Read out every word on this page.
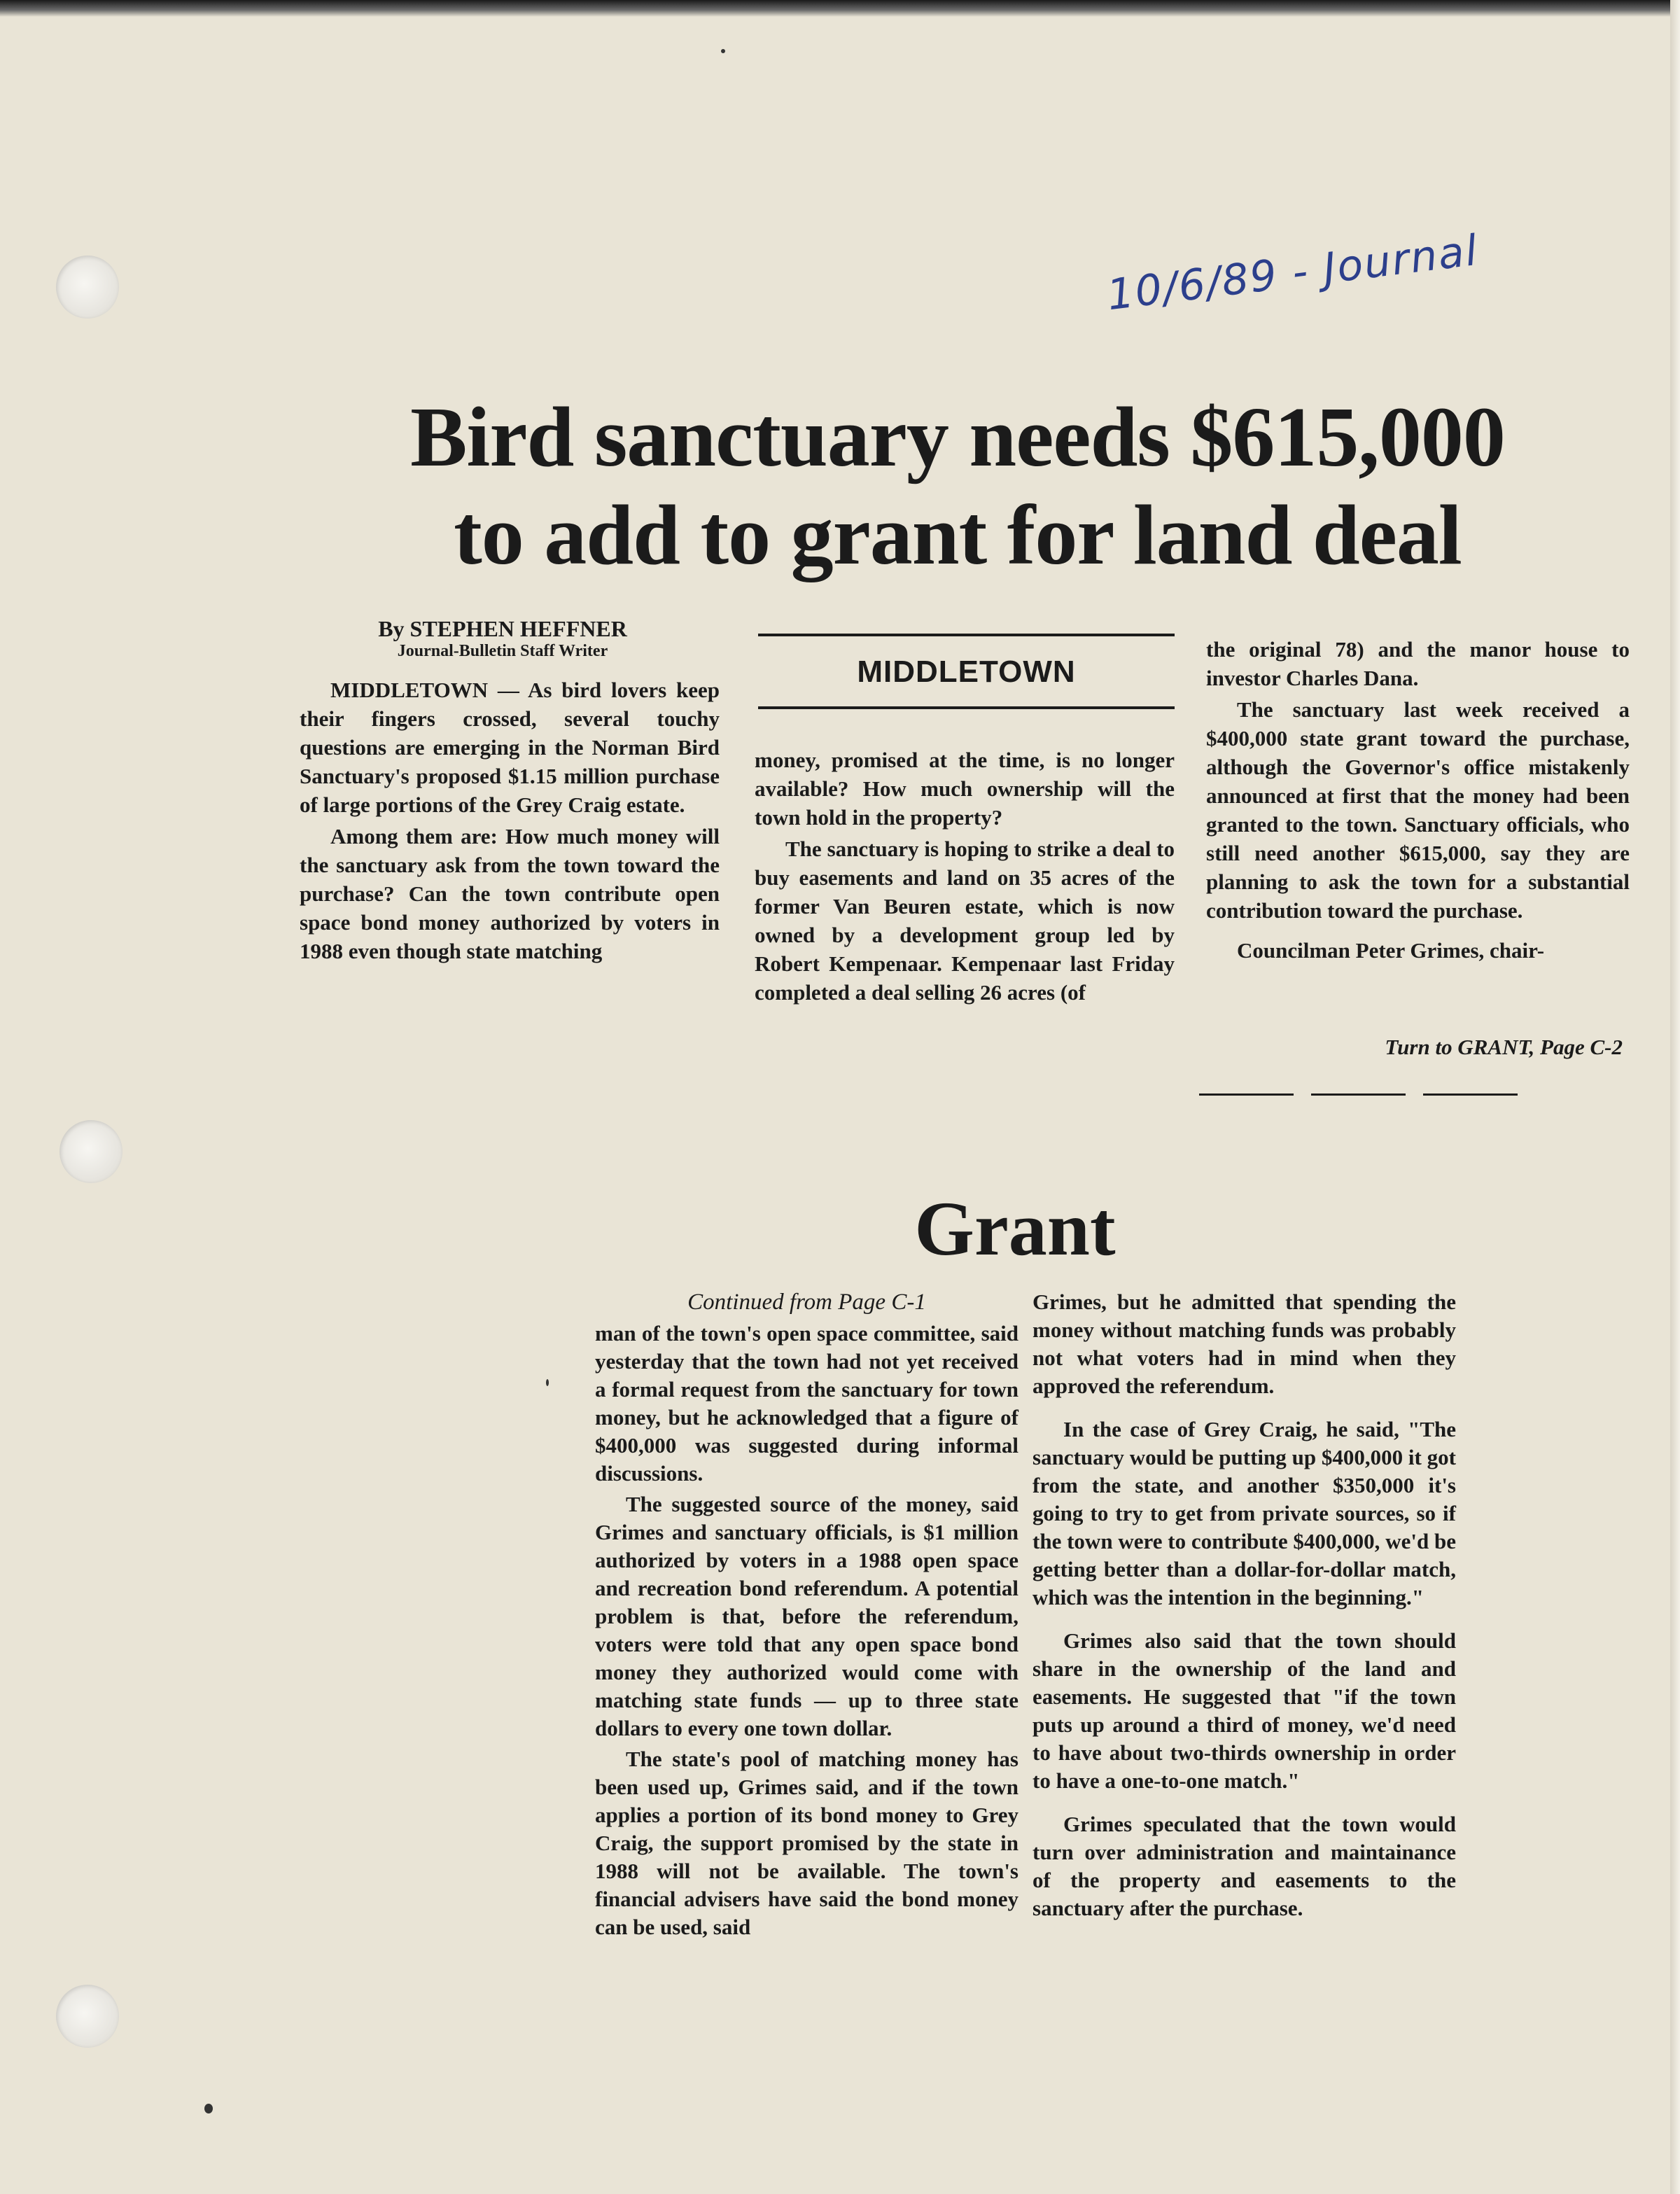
10/6/89 - Journal
Bird sanctuary needs $615,000
to add to grant for land deal
By STEPHEN HEFFNER
Journal-Bulletin Staff Writer
MIDDLETOWN

MIDDLETOWN — As bird lovers keep their fingers crossed, several touchy questions are emerging in the Norman Bird Sanctuary's proposed $1.15 million purchase of large portions of the Grey Craig estate.

Among them are: How much money will the sanctuary ask from the town toward the purchase? Can the town contribute open space bond money authorized by voters in 1988 even though state matching

money, promised at the time, is no longer available? How much ownership will the town hold in the property?

The sanctuary is hoping to strike a deal to buy easements and land on 35 acres of the former Van Beuren estate, which is now owned by a development group led by Robert Kempenaar. Kempenaar last Friday completed a deal selling 26 acres (of

the original 78) and the manor house to investor Charles Dana.

The sanctuary last week received a $400,000 state grant toward the purchase, although the Governor's office mistakenly announced at first that the money had been granted to the town. Sanctuary officials, who still need another $615,000, say they are planning to ask the town for a substantial contribution toward the purchase.

Councilman Peter Grimes, chair-

Turn to GRANT, Page C-2
Grant

Continued from Page C-1

man of the town's open space committee, said yesterday that the town had not yet received a formal request from the sanctuary for town money, but he acknowledged that a figure of $400,000 was suggested during informal discussions.

The suggested source of the money, said Grimes and sanctuary officials, is $1 million authorized by voters in a 1988 open space and recreation bond referendum. A potential problem is that, before the referendum, voters were told that any open space bond money they authorized would come with matching state funds — up to three state dollars to every one town dollar.

The state's pool of matching money has been used up, Grimes said, and if the town applies a portion of its bond money to Grey Craig, the support promised by the state in 1988 will not be available. The town's financial advisers have said the bond money can be used, said

Grimes, but he admitted that spending the money without matching funds was probably not what voters had in mind when they approved the referendum.

In the case of Grey Craig, he said, "The sanctuary would be putting up $400,000 it got from the state, and another $350,000 it's going to try to get from private sources, so if the town were to contribute $400,000, we'd be getting better than a dollar-for-dollar match, which was the intention in the beginning."

Grimes also said that the town should share in the ownership of the land and easements. He suggested that "if the town puts up around a third of money, we'd need to have about two-thirds ownership in order to have a one-to-one match."

Grimes speculated that the town would turn over administration and maintainance of the property and easements to the sanctuary after the purchase.
